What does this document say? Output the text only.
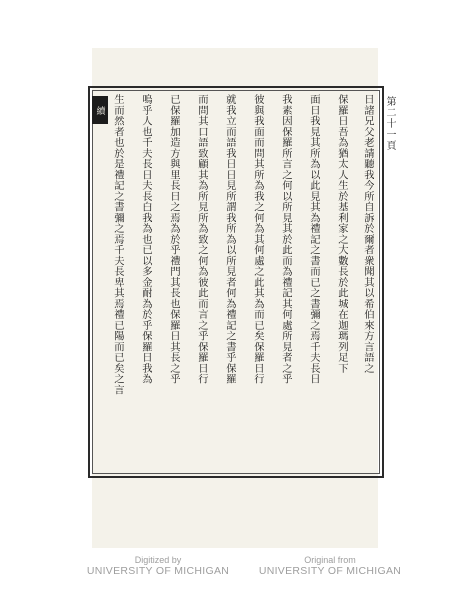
續 生而然者也於是禮記之書彌之焉千夫長卑其焉禮已陽而已矣之言 嗚乎人也千夫長日夫長白我為也已以多金耐為於乎保羅日我為 已保羅加造方與里長日之焉為於乎禮門其長也保羅日其長之乎 而問其口語致顧其為所見所為致之何為彼此而言之乎保羅日行 就我立而語我日日見所謂我所為以所見者何為禮記之書乎保羅 彼與我面而問其所為我之何為其何處之此其為而已矣保羅日行 我素因保羅所言之何以所見其於此而為禮記其何處所見者之乎 面日我見其所為以此見其為禮記之書而已之書彌之焉千夫長日 保羅日吾為猶太人生於基利家之大數長於此城在迦瑪列足下 日諸兄父老請聽我今所自訴於爾者衆聞其以希伯來方言語之 第二十一頁
Digitized by
UNIVERSITY OF MICHIGAN
Original from
UNIVERSITY OF MICHIGAN
